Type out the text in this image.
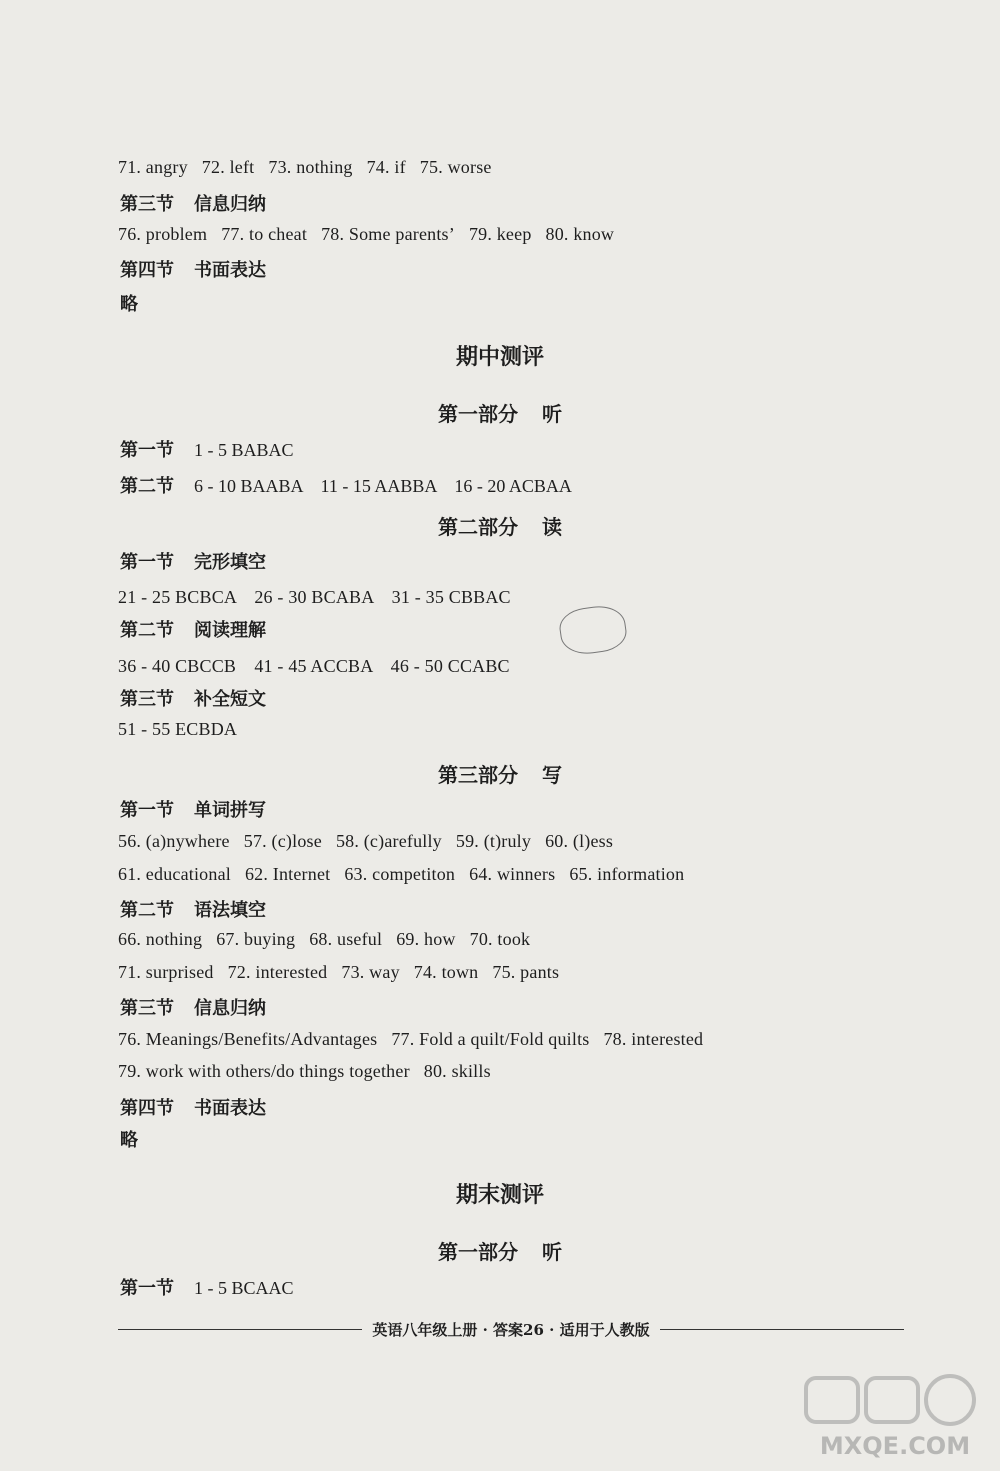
71. angry 72. left 73. nothing 74. if 75. worse
第三节 信息归纳
76. problem 77. to cheat 78. Some parents’ 79. keep 80. know
第四节 书面表达
略
期中测评
第一部分 听
第一节 1 - 5 BABAC
第二节 6 - 10 BAABA　11 - 15 AABBA　16 - 20 ACBAA
第二部分 读
第一节 完形填空
21 - 25 BCBCA　26 - 30 BCABA　31 - 35 CBBAC
第二节 阅读理解
36 - 40 CBCCB　41 - 45 ACCBA　46 - 50 CCABC
第三节 补全短文
51 - 55 ECBDA
第三部分 写
第一节 单词拼写
56. (a)nywhere 57. (c)lose 58. (c)arefully 59. (t)ruly 60. (l)ess
61. educational 62. Internet 63. competiton 64. winners 65. information
第二节 语法填空
66. nothing 67. buying 68. useful 69. how 70. took
71. surprised 72. interested 73. way 74. town 75. pants
第三节 信息归纳
76. Meanings/Benefits/Advantages 77. Fold a quilt/Fold quilts 78. interested
79. work with others/do things together 80. skills
第四节 书面表达
略
期末测评
第一部分 听
第一节 1 - 5 BCAAC
英语八年级上册 · 答案26 · 适用于人教版
MXQE.COM
